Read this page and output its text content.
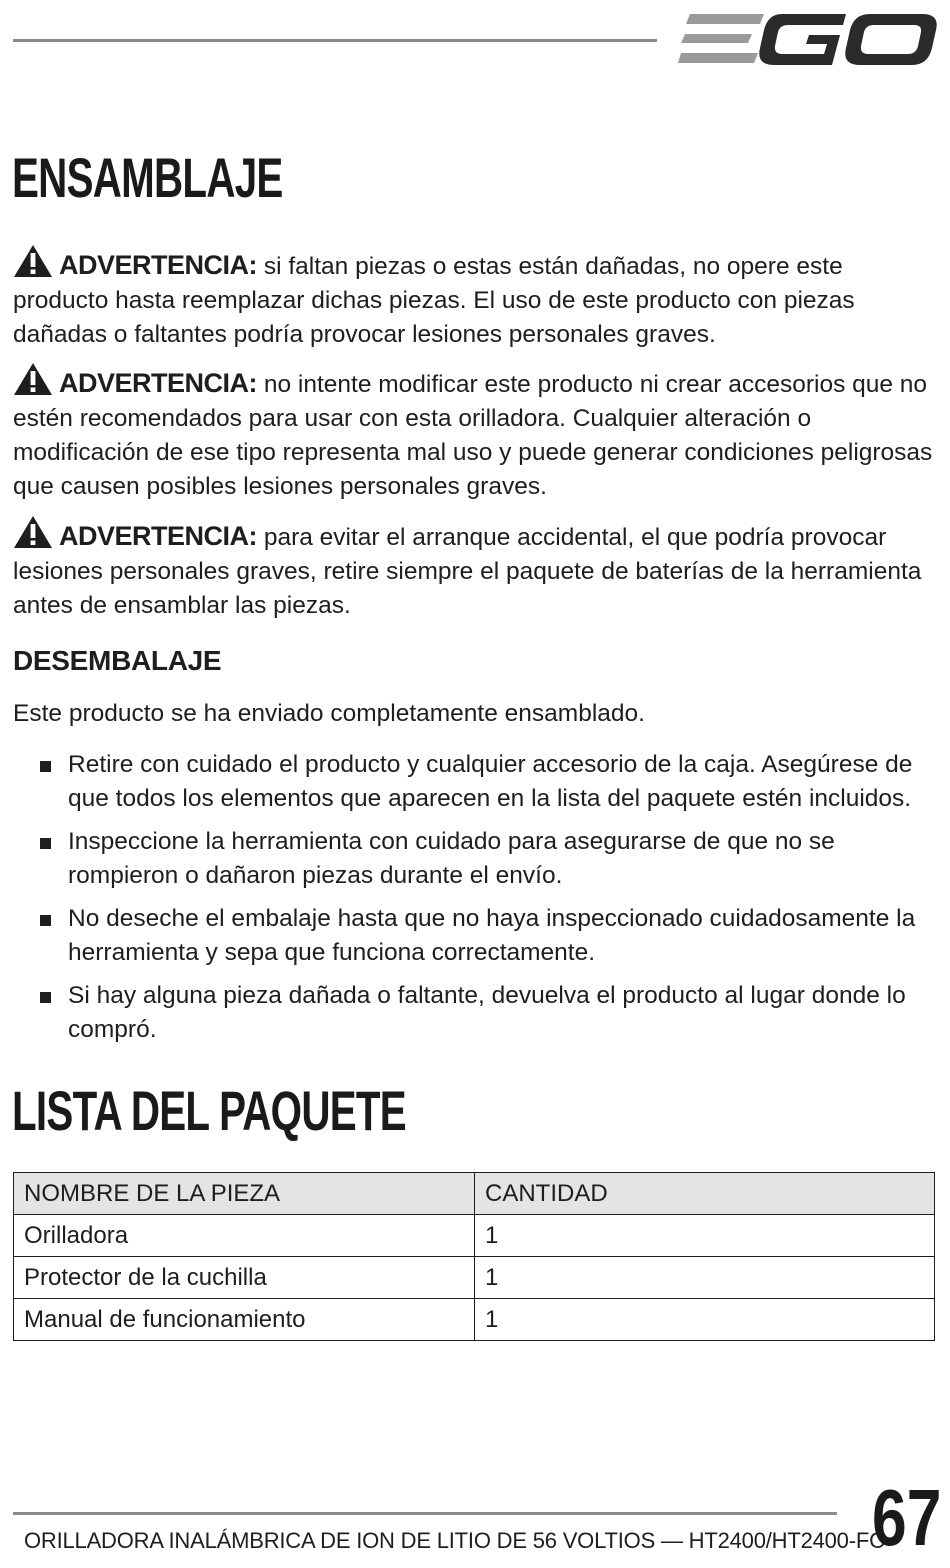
ENSAMBLAJE
ADVERTENCIA: si faltan piezas o estas están dañadas, no opere este producto hasta reemplazar dichas piezas. El uso de este producto con piezas dañadas o faltantes podría provocar lesiones personales graves.
ADVERTENCIA: no intente modificar este producto ni crear accesorios que no estén recomendados para usar con esta orilladora. Cualquier alteración o modificación de ese tipo representa mal uso y puede generar condiciones peligrosas que causen posibles lesiones personales graves.
ADVERTENCIA: para evitar el arranque accidental, el que podría provocar lesiones personales graves, retire siempre el paquete de baterías de la herramienta antes de ensamblar las piezas.
DESEMBALAJE

Este producto se ha enviado completamente ensamblado.

Retire con cuidado el producto y cualquier accesorio de la caja. Asegúrese de que todos los elementos que aparecen en la lista del paquete estén incluidos.
Inspeccione la herramienta con cuidado para asegurarse de que no se rompieron o dañaron piezas durante el envío.
No deseche el embalaje hasta que no haya inspeccionado cuidadosamente la herramienta y sepa que funciona correctamente.
Si hay alguna pieza dañada o faltante, devuelva el producto al lugar donde lo compró.
LISTA DEL PAQUETE
NOMBRE DE LA PIEZA	CANTIDAD
Orilladora	1
Protector de la cuchilla	1
Manual de funcionamiento	1
ORILLADORA INALÁMBRICA DE ION DE LITIO DE 56 VOLTIOS — HT2400/HT2400-FC
67
